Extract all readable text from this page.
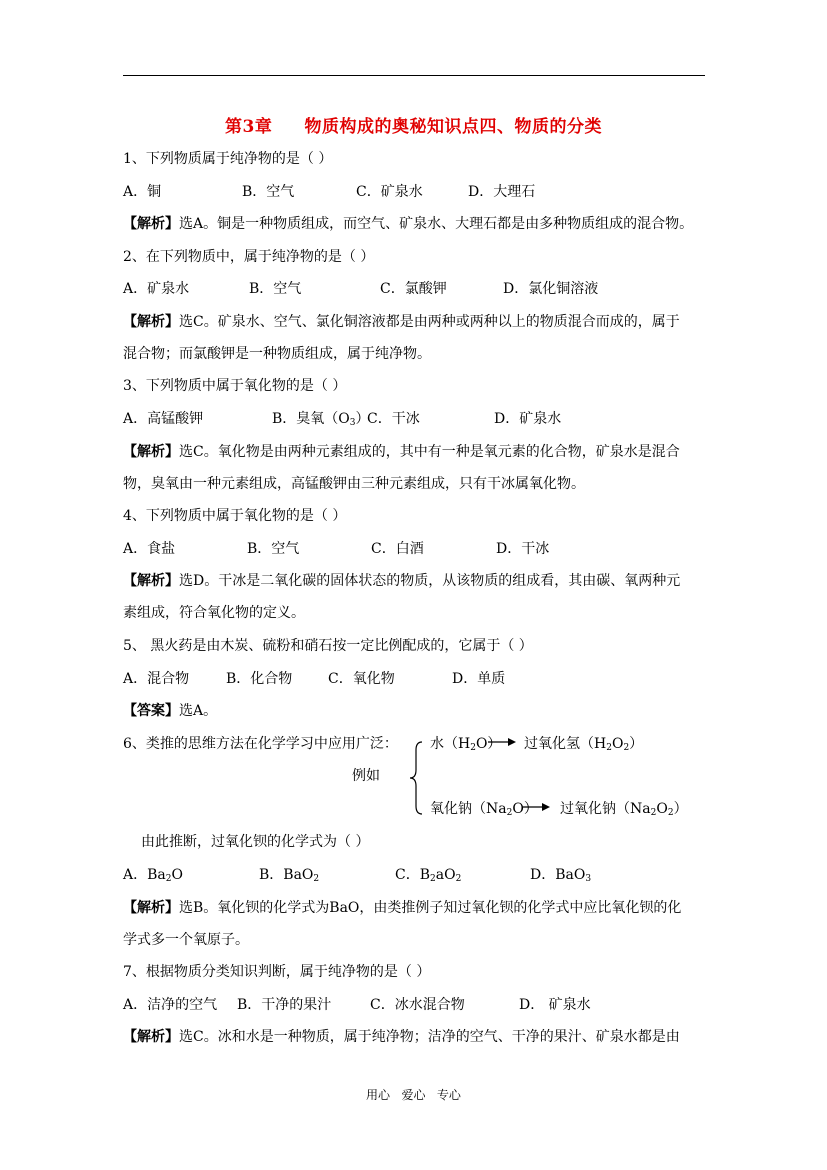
第3章     物质构成的奥秘知识点四、物质的分类
1、下列物质属于纯净物的是（ ）
A．铜	B．空气	C．矿泉水	D．大理石
【解析】选A。铜是一种物质组成，而空气、矿泉水、大理石都是由多种物质组成的混合物。
2、在下列物质中，属于纯净物的是（ ）
A．矿泉水	B．空气	C．氯酸钾	D．氯化铜溶液
【解析】选C。矿泉水、空气、氯化铜溶液都是由两种或两种以上的物质混合而成的，属于
混合物；而氯酸钾是一种物质组成，属于纯净物。
3、下列物质中属于氧化物的是（ ）
A．高锰酸钾	B．臭氧$(O_3)$
C．干冰	D．矿泉水
【解析】选C。氧化物是由两种元素组成的，其中有一种是氧元素的化合物，矿泉水是混合
物，臭氧由一种元素组成，高锰酸钾由三种元素组成，只有干冰属氧化物。
4、下列物质中属于氧化物的是（ ）
A．食盐	B．空气	C．白酒	D．干冰
【解析】选D。干冰是二氧化碳的固体状态的物质，从该物质的组成看，其由碳、氧两种元
素组成，符合氧化物的定义。
5、 黑火药是由木炭、硫粉和硝石按一定比例配成的，它属于（ ）
A．混合物	B．化合物	C．氧化物	D．单质
【答案】选A。
6、类推的思维方法在化学学习中应用广泛：
例如
水$(H_2O)$ 过氧化氢$(H_2O_2)$
氧化钠$(Na_2O)$ 过氧化钠$(Na_2O_2)$
由此推断，过氧化钡的化学式为（ ）
A．$Ba_2O$	B．BaO$_2$	C．$B_2aO_2$	D．BaO$_3$
【解析】选B。氧化钡的化学式为BaO，由类推例子知过氧化钡的化学式中应比氧化钡的化
学式多一个氧原子。
7、根据物质分类知识判断，属于纯净物的是（ ）
A．洁净的空气 B．干净的果汁	C．冰水混合物	D． 矿泉水
【解析】选C。冰和水是一种物质，属于纯净物；洁净的空气、干净的果汁、矿泉水都是由
用心   爱心   专心
